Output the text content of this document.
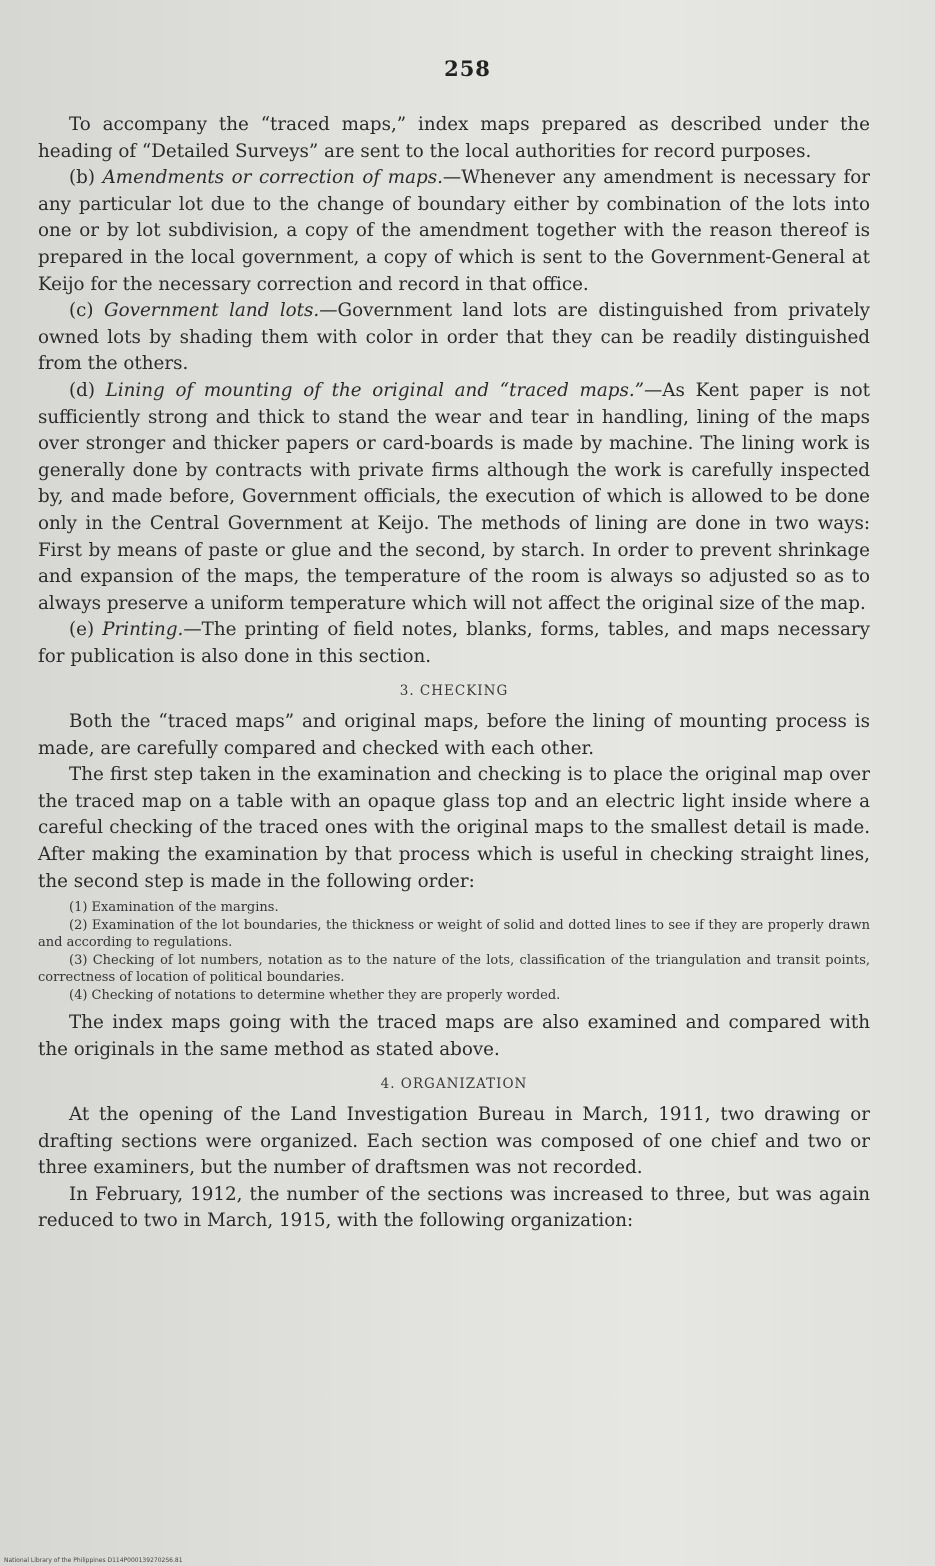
258

To accompany the “traced maps,” index maps prepared as described under the heading of “Detailed Surveys” are sent to the local authorities for record purposes.

(b) Amendments or correction of maps.—Whenever any amendment is necessary for any particular lot due to the change of boundary either by combination of the lots into one or by lot subdivision, a copy of the amendment together with the reason thereof is prepared in the local government, a copy of which is sent to the Government-General at Keijo for the necessary correction and record in that office.

(c) Government land lots.—Government land lots are distinguished from privately owned lots by shading them with color in order that they can be readily distinguished from the others.

(d) Lining of mounting of the original and “traced maps.”—As Kent paper is not sufficiently strong and thick to stand the wear and tear in handling, lining of the maps over stronger and thicker papers or card-boards is made by machine. The lining work is generally done by contracts with private firms although the work is carefully inspected by, and made before, Government officials, the execution of which is allowed to be done only in the Central Government at Keijo. The methods of lining are done in two ways: First by means of paste or glue and the second, by starch. In order to prevent shrinkage and expansion of the maps, the temperature of the room is always so adjusted so as to always preserve a uniform temperature which will not affect the original size of the map.

(e) Printing.—The printing of field notes, blanks, forms, tables, and maps necessary for publication is also done in this section.

3. CHECKING

Both the “traced maps” and original maps, before the lining of mounting process is made, are carefully compared and checked with each other.

The first step taken in the examination and checking is to place the original map over the traced map on a table with an opaque glass top and an electric light inside where a careful checking of the traced ones with the original maps to the smallest detail is made. After making the examination by that process which is useful in checking straight lines, the second step is made in the following order:

(1) Examination of the margins.

(2) Examination of the lot boundaries, the thickness or weight of solid and dotted lines to see if they are properly drawn and according to regulations.

(3) Checking of lot numbers, notation as to the nature of the lots, classification of the triangulation and transit points, correctness of location of political boundaries.

(4) Checking of notations to determine whether they are properly worded.

The index maps going with the traced maps are also examined and compared with the originals in the same method as stated above.

4. ORGANIZATION

At the opening of the Land Investigation Bureau in March, 1911, two drawing or drafting sections were organized. Each section was composed of one chief and two or three examiners, but the number of draftsmen was not recorded.

In February, 1912, the number of the sections was increased to three, but was again reduced to two in March, 1915, with the following organization:

National Library of the Philippines D114P0001392702S6.81
